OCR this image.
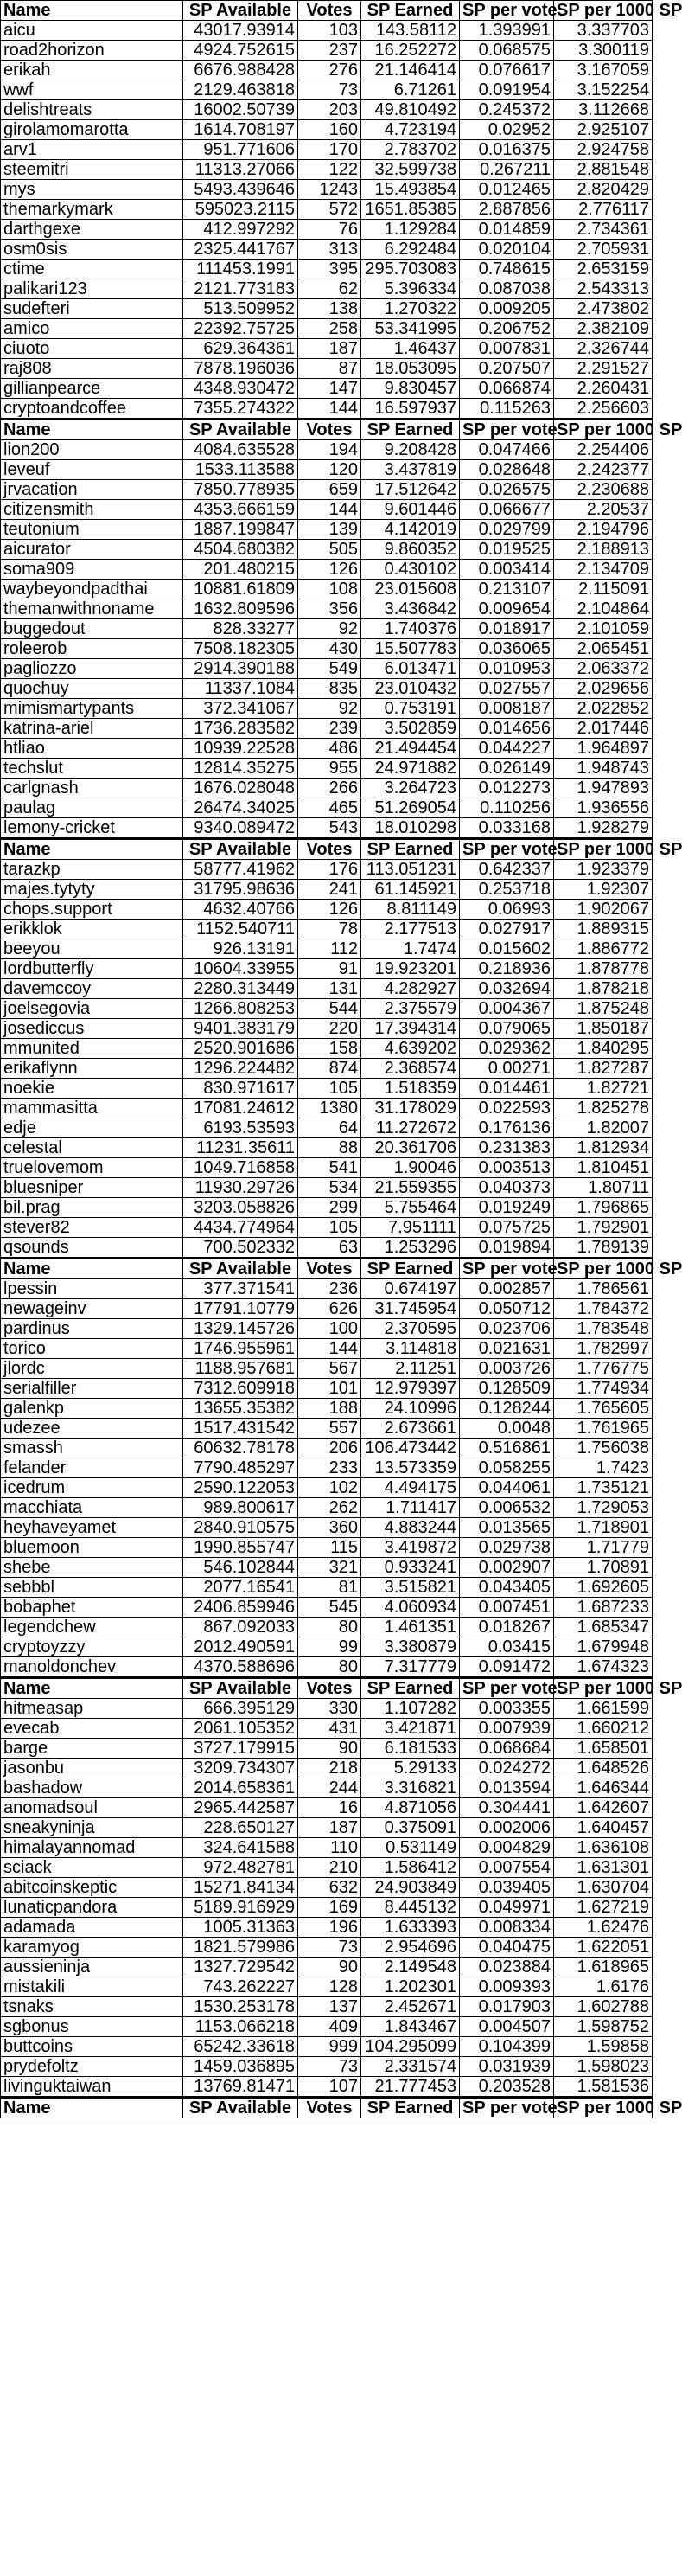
Name	SP Available	Votes	SP Earned	SP per vote	SP per 1000 SP
aicu	43017.93914	103	143.58112	1.393991	3.337703
road2horizon	4924.752615	237	16.252272	0.068575	3.300119
erikah	6676.988428	276	21.146414	0.076617	3.167059
wwf	2129.463818	73	6.71261	0.091954	3.152254
delishtreats	16002.50739	203	49.810492	0.245372	3.112668
girolamomarotta	1614.708197	160	4.723194	0.02952	2.925107
arv1	951.771606	170	2.783702	0.016375	2.924758
steemitri	11313.27066	122	32.599738	0.267211	2.881548
mys	5493.439646	1243	15.493854	0.012465	2.820429
themarkymark	595023.2115	572	1651.85385	2.887856	2.776117
darthgexe	412.997292	76	1.129284	0.014859	2.734361
osm0sis	2325.441767	313	6.292484	0.020104	2.705931
ctime	111453.1991	395	295.703083	0.748615	2.653159
palikari123	2121.773183	62	5.396334	0.087038	2.543313
sudefteri	513.509952	138	1.270322	0.009205	2.473802
amico	22392.75725	258	53.341995	0.206752	2.382109
ciuoto	629.364361	187	1.46437	0.007831	2.326744
raj808	7878.196036	87	18.053095	0.207507	2.291527
gillianpearce	4348.930472	147	9.830457	0.066874	2.260431
cryptoandcoffee	7355.274322	144	16.597937	0.115263	2.256603
Name	SP Available	Votes	SP Earned	SP per vote	SP per 1000 SP
lion200	4084.635528	194	9.208428	0.047466	2.254406
leveuf	1533.113588	120	3.437819	0.028648	2.242377
jrvacation	7850.778935	659	17.512642	0.026575	2.230688
citizensmith	4353.666159	144	9.601446	0.066677	2.20537
teutonium	1887.199847	139	4.142019	0.029799	2.194796
aicurator	4504.680382	505	9.860352	0.019525	2.188913
soma909	201.480215	126	0.430102	0.003414	2.134709
waybeyondpadthai	10881.61809	108	23.015608	0.213107	2.115091
themanwithnoname	1632.809596	356	3.436842	0.009654	2.104864
buggedout	828.33277	92	1.740376	0.018917	2.101059
roleerob	7508.182305	430	15.507783	0.036065	2.065451
pagliozzo	2914.390188	549	6.013471	0.010953	2.063372
quochuy	11337.1084	835	23.010432	0.027557	2.029656
mimismartypants	372.341067	92	0.753191	0.008187	2.022852
katrina-ariel	1736.283582	239	3.502859	0.014656	2.017446
htliao	10939.22528	486	21.494454	0.044227	1.964897
techslut	12814.35275	955	24.971882	0.026149	1.948743
carlgnash	1676.028048	266	3.264723	0.012273	1.947893
paulag	26474.34025	465	51.269054	0.110256	1.936556
lemony-cricket	9340.089472	543	18.010298	0.033168	1.928279
Name	SP Available	Votes	SP Earned	SP per vote	SP per 1000 SP
tarazkp	58777.41962	176	113.051231	0.642337	1.923379
majes.tytyty	31795.98636	241	61.145921	0.253718	1.92307
chops.support	4632.40766	126	8.811149	0.06993	1.902067
erikklok	1152.540711	78	2.177513	0.027917	1.889315
beeyou	926.13191	112	1.7474	0.015602	1.886772
lordbutterfly	10604.33955	91	19.923201	0.218936	1.878778
davemccoy	2280.313449	131	4.282927	0.032694	1.878218
joelsegovia	1266.808253	544	2.375579	0.004367	1.875248
josediccus	9401.383179	220	17.394314	0.079065	1.850187
mmunited	2520.901686	158	4.639202	0.029362	1.840295
erikaflynn	1296.224482	874	2.368574	0.00271	1.827287
noekie	830.971617	105	1.518359	0.014461	1.82721
mammasitta	17081.24612	1380	31.178029	0.022593	1.825278
edje	6193.53593	64	11.272672	0.176136	1.82007
celestal	11231.35611	88	20.361706	0.231383	1.812934
truelovemom	1049.716858	541	1.90046	0.003513	1.810451
bluesniper	11930.29726	534	21.559355	0.040373	1.80711
bil.prag	3203.058826	299	5.755464	0.019249	1.796865
stever82	4434.774964	105	7.951111	0.075725	1.792901
qsounds	700.502332	63	1.253296	0.019894	1.789139
Name	SP Available	Votes	SP Earned	SP per vote	SP per 1000 SP
lpessin	377.371541	236	0.674197	0.002857	1.786561
newageinv	17791.10779	626	31.745954	0.050712	1.784372
pardinus	1329.145726	100	2.370595	0.023706	1.783548
torico	1746.955961	144	3.114818	0.021631	1.782997
jlordc	1188.957681	567	2.11251	0.003726	1.776775
serialfiller	7312.609918	101	12.979397	0.128509	1.774934
galenkp	13655.35382	188	24.10996	0.128244	1.765605
udezee	1517.431542	557	2.673661	0.0048	1.761965
smassh	60632.78178	206	106.473442	0.516861	1.756038
felander	7790.485297	233	13.573359	0.058255	1.7423
icedrum	2590.122053	102	4.494175	0.044061	1.735121
macchiata	989.800617	262	1.711417	0.006532	1.729053
heyhaveyamet	2840.910575	360	4.883244	0.013565	1.718901
bluemoon	1990.855747	115	3.419872	0.029738	1.71779
shebe	546.102844	321	0.933241	0.002907	1.70891
sebbbl	2077.16541	81	3.515821	0.043405	1.692605
bobaphet	2406.859946	545	4.060934	0.007451	1.687233
legendchew	867.092033	80	1.461351	0.018267	1.685347
cryptoyzzy	2012.490591	99	3.380879	0.03415	1.679948
manoldonchev	4370.588696	80	7.317779	0.091472	1.674323
Name	SP Available	Votes	SP Earned	SP per vote	SP per 1000 SP
hitmeasap	666.395129	330	1.107282	0.003355	1.661599
evecab	2061.105352	431	3.421871	0.007939	1.660212
barge	3727.179915	90	6.181533	0.068684	1.658501
jasonbu	3209.734307	218	5.29133	0.024272	1.648526
bashadow	2014.658361	244	3.316821	0.013594	1.646344
anomadsoul	2965.442587	16	4.871056	0.304441	1.642607
sneakyninja	228.650127	187	0.375091	0.002006	1.640457
himalayannomad	324.641588	110	0.531149	0.004829	1.636108
sciack	972.482781	210	1.586412	0.007554	1.631301
abitcoinskeptic	15271.84134	632	24.903849	0.039405	1.630704
lunaticpandora	5189.916929	169	8.445132	0.049971	1.627219
adamada	1005.31363	196	1.633393	0.008334	1.62476
karamyog	1821.579986	73	2.954696	0.040475	1.622051
aussieninja	1327.729542	90	2.149548	0.023884	1.618965
mistakili	743.262227	128	1.202301	0.009393	1.6176
tsnaks	1530.253178	137	2.452671	0.017903	1.602788
sgbonus	1153.066218	409	1.843467	0.004507	1.598752
buttcoins	65242.33618	999	104.295099	0.104399	1.59858
prydefoltz	1459.036895	73	2.331574	0.031939	1.598023
livinguktaiwan	13769.81471	107	21.777453	0.203528	1.581536
Name	SP Available	Votes	SP Earned	SP per vote	SP per 1000 SP
